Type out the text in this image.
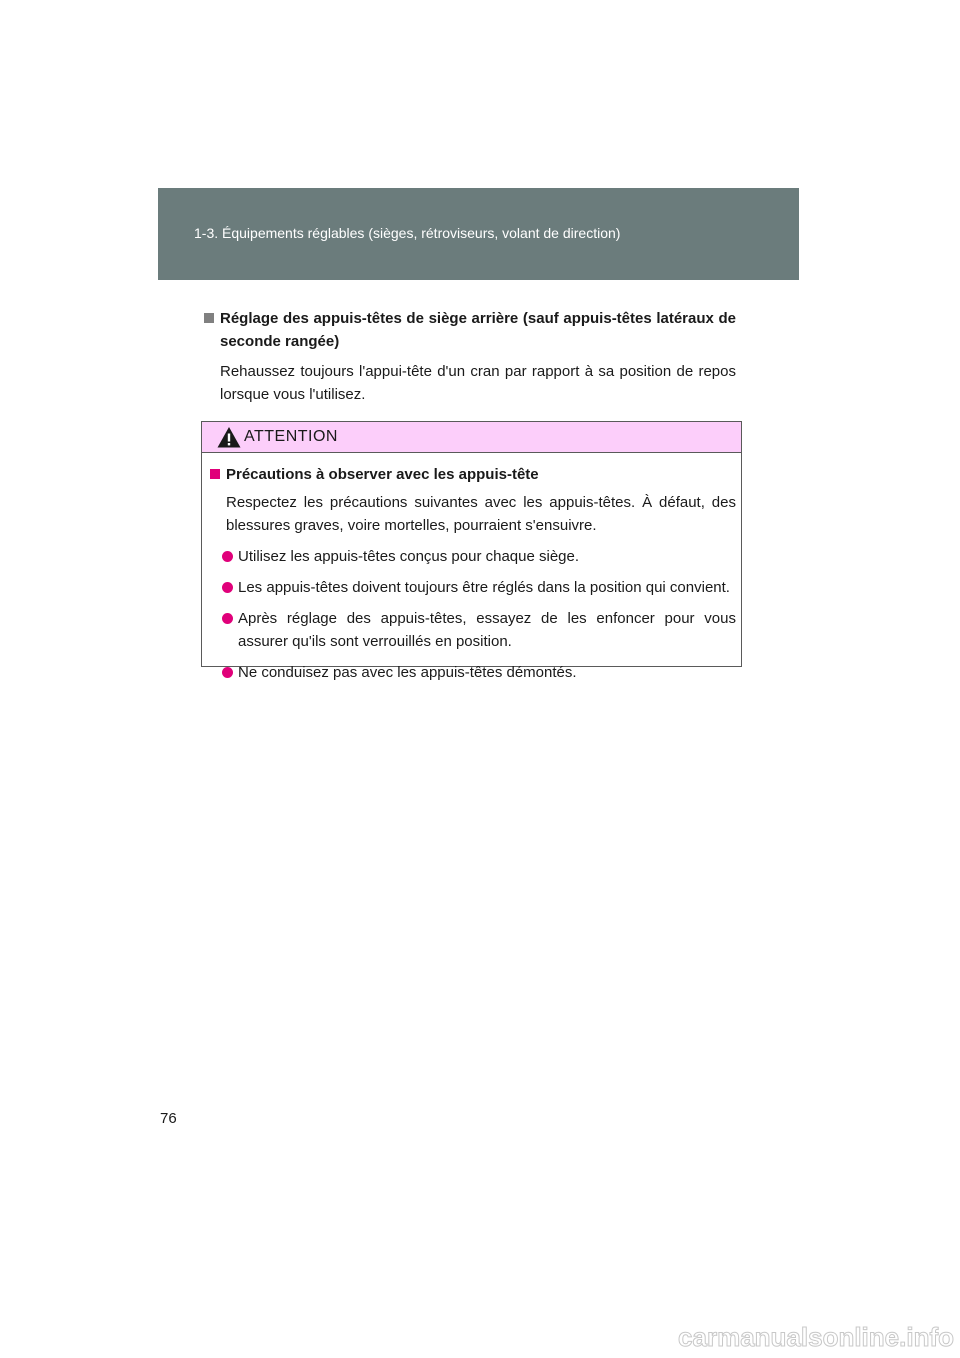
1-3. Équipements réglables (sièges, rétroviseurs, volant de direction)
Réglage des appuis-têtes de siège arrière (sauf appuis-têtes latéraux de seconde rangée)
Rehaussez toujours l'appui-tête d'un cran par rapport à sa position de repos lorsque vous l'utilisez.
ATTENTION
Précautions à observer avec les appuis-tête
Respectez les précautions suivantes avec les appuis-têtes. À défaut, des blessures graves, voire mortelles, pourraient s'ensuivre.
Utilisez les appuis-têtes conçus pour chaque siège.
Les appuis-têtes doivent toujours être réglés dans la position qui convient.
Après réglage des appuis-têtes, essayez de les enfoncer pour vous assurer qu'ils sont verrouillés en position.
Ne conduisez pas avec les appuis-têtes démontés.
76
carmanualsonline.info
